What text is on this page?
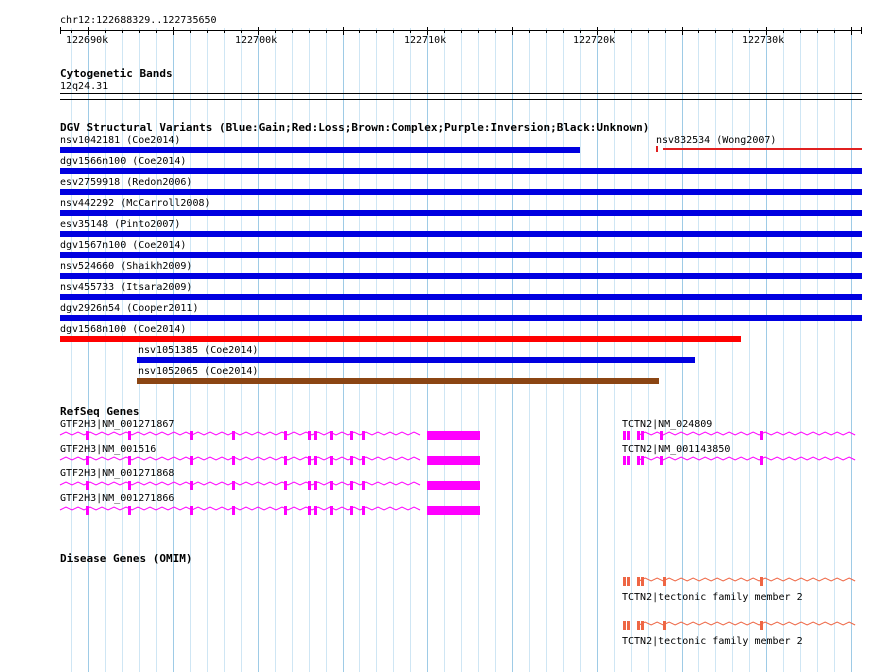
chr12:122688329..122735650
122690k	122700k	122710k	122720k	122730k
Cytogenetic Bands
12q24.31
DGV Structural Variants (Blue:Gain;Red:Loss;Brown:Complex;Purple:Inversion;Black:Unknown)
nsv1042181 (Coe2014)	nsv832534 (Wong2007)
dgv1566n100 (Coe2014)
esv2759918 (Redon2006)
nsv442292 (McCarroll2008)
esv35148 (Pinto2007)
dgv1567n100 (Coe2014)
nsv524660 (Shaikh2009)
nsv455733 (Itsara2009)
dgv2926n54 (Cooper2011)
dgv1568n100 (Coe2014)
nsv1051385 (Coe2014)
nsv1052065 (Coe2014)
RefSeq Genes
GTF2H3|NM_001271867
GTF2H3|NM_001516
GTF2H3|NM_001271868
GTF2H3|NM_001271866
TCTN2|NM_024809
TCTN2|NM_001143850
Disease Genes (OMIM)
TCTN2|tectonic family member 2
TCTN2|tectonic family member 2
